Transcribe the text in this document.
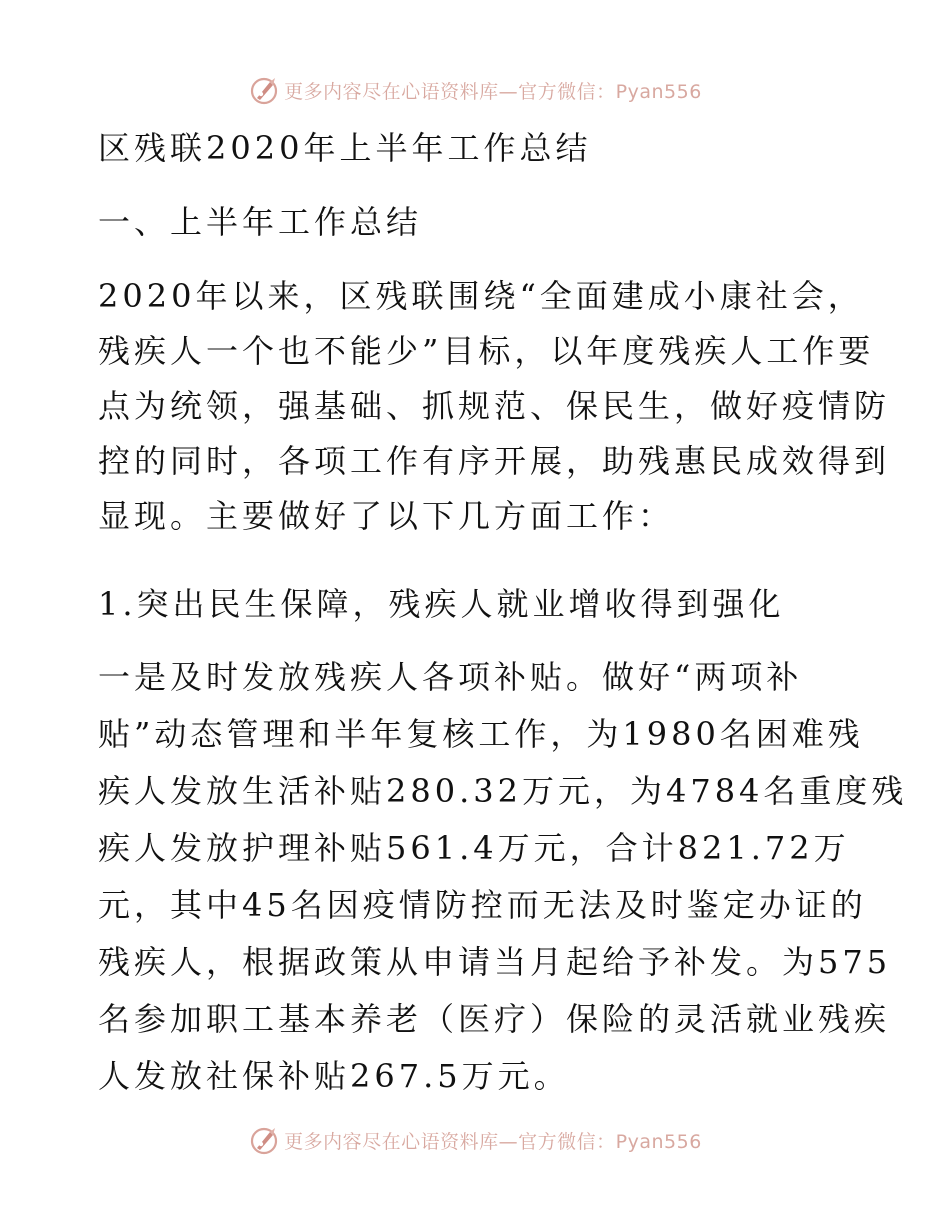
更多内容尽在心语资料库—官方微信：Pyan556
区残联2020年上半年工作总结
一、上半年工作总结
2020年以来，区残联围绕“全面建成小康社会，
残疾人一个也不能少”目标，以年度残疾人工作要
点为统领，强基础、抓规范、保民生，做好疫情防
控的同时，各项工作有序开展，助残惠民成效得到
显现。主要做好了以下几方面工作：
1.突出民生保障，残疾人就业增收得到强化
一是及时发放残疾人各项补贴。做好“两项补
贴”动态管理和半年复核工作，为1980名困难残
疾人发放生活补贴280.32万元，为4784名重度残
疾人发放护理补贴561.4万元，合计821.72万
元，其中45名因疫情防控而无法及时鉴定办证的
残疾人，根据政策从申请当月起给予补发。为575
名参加职工基本养老（医疗）保险的灵活就业残疾
人发放社保补贴267.5万元。
更多内容尽在心语资料库—官方微信：Pyan556
